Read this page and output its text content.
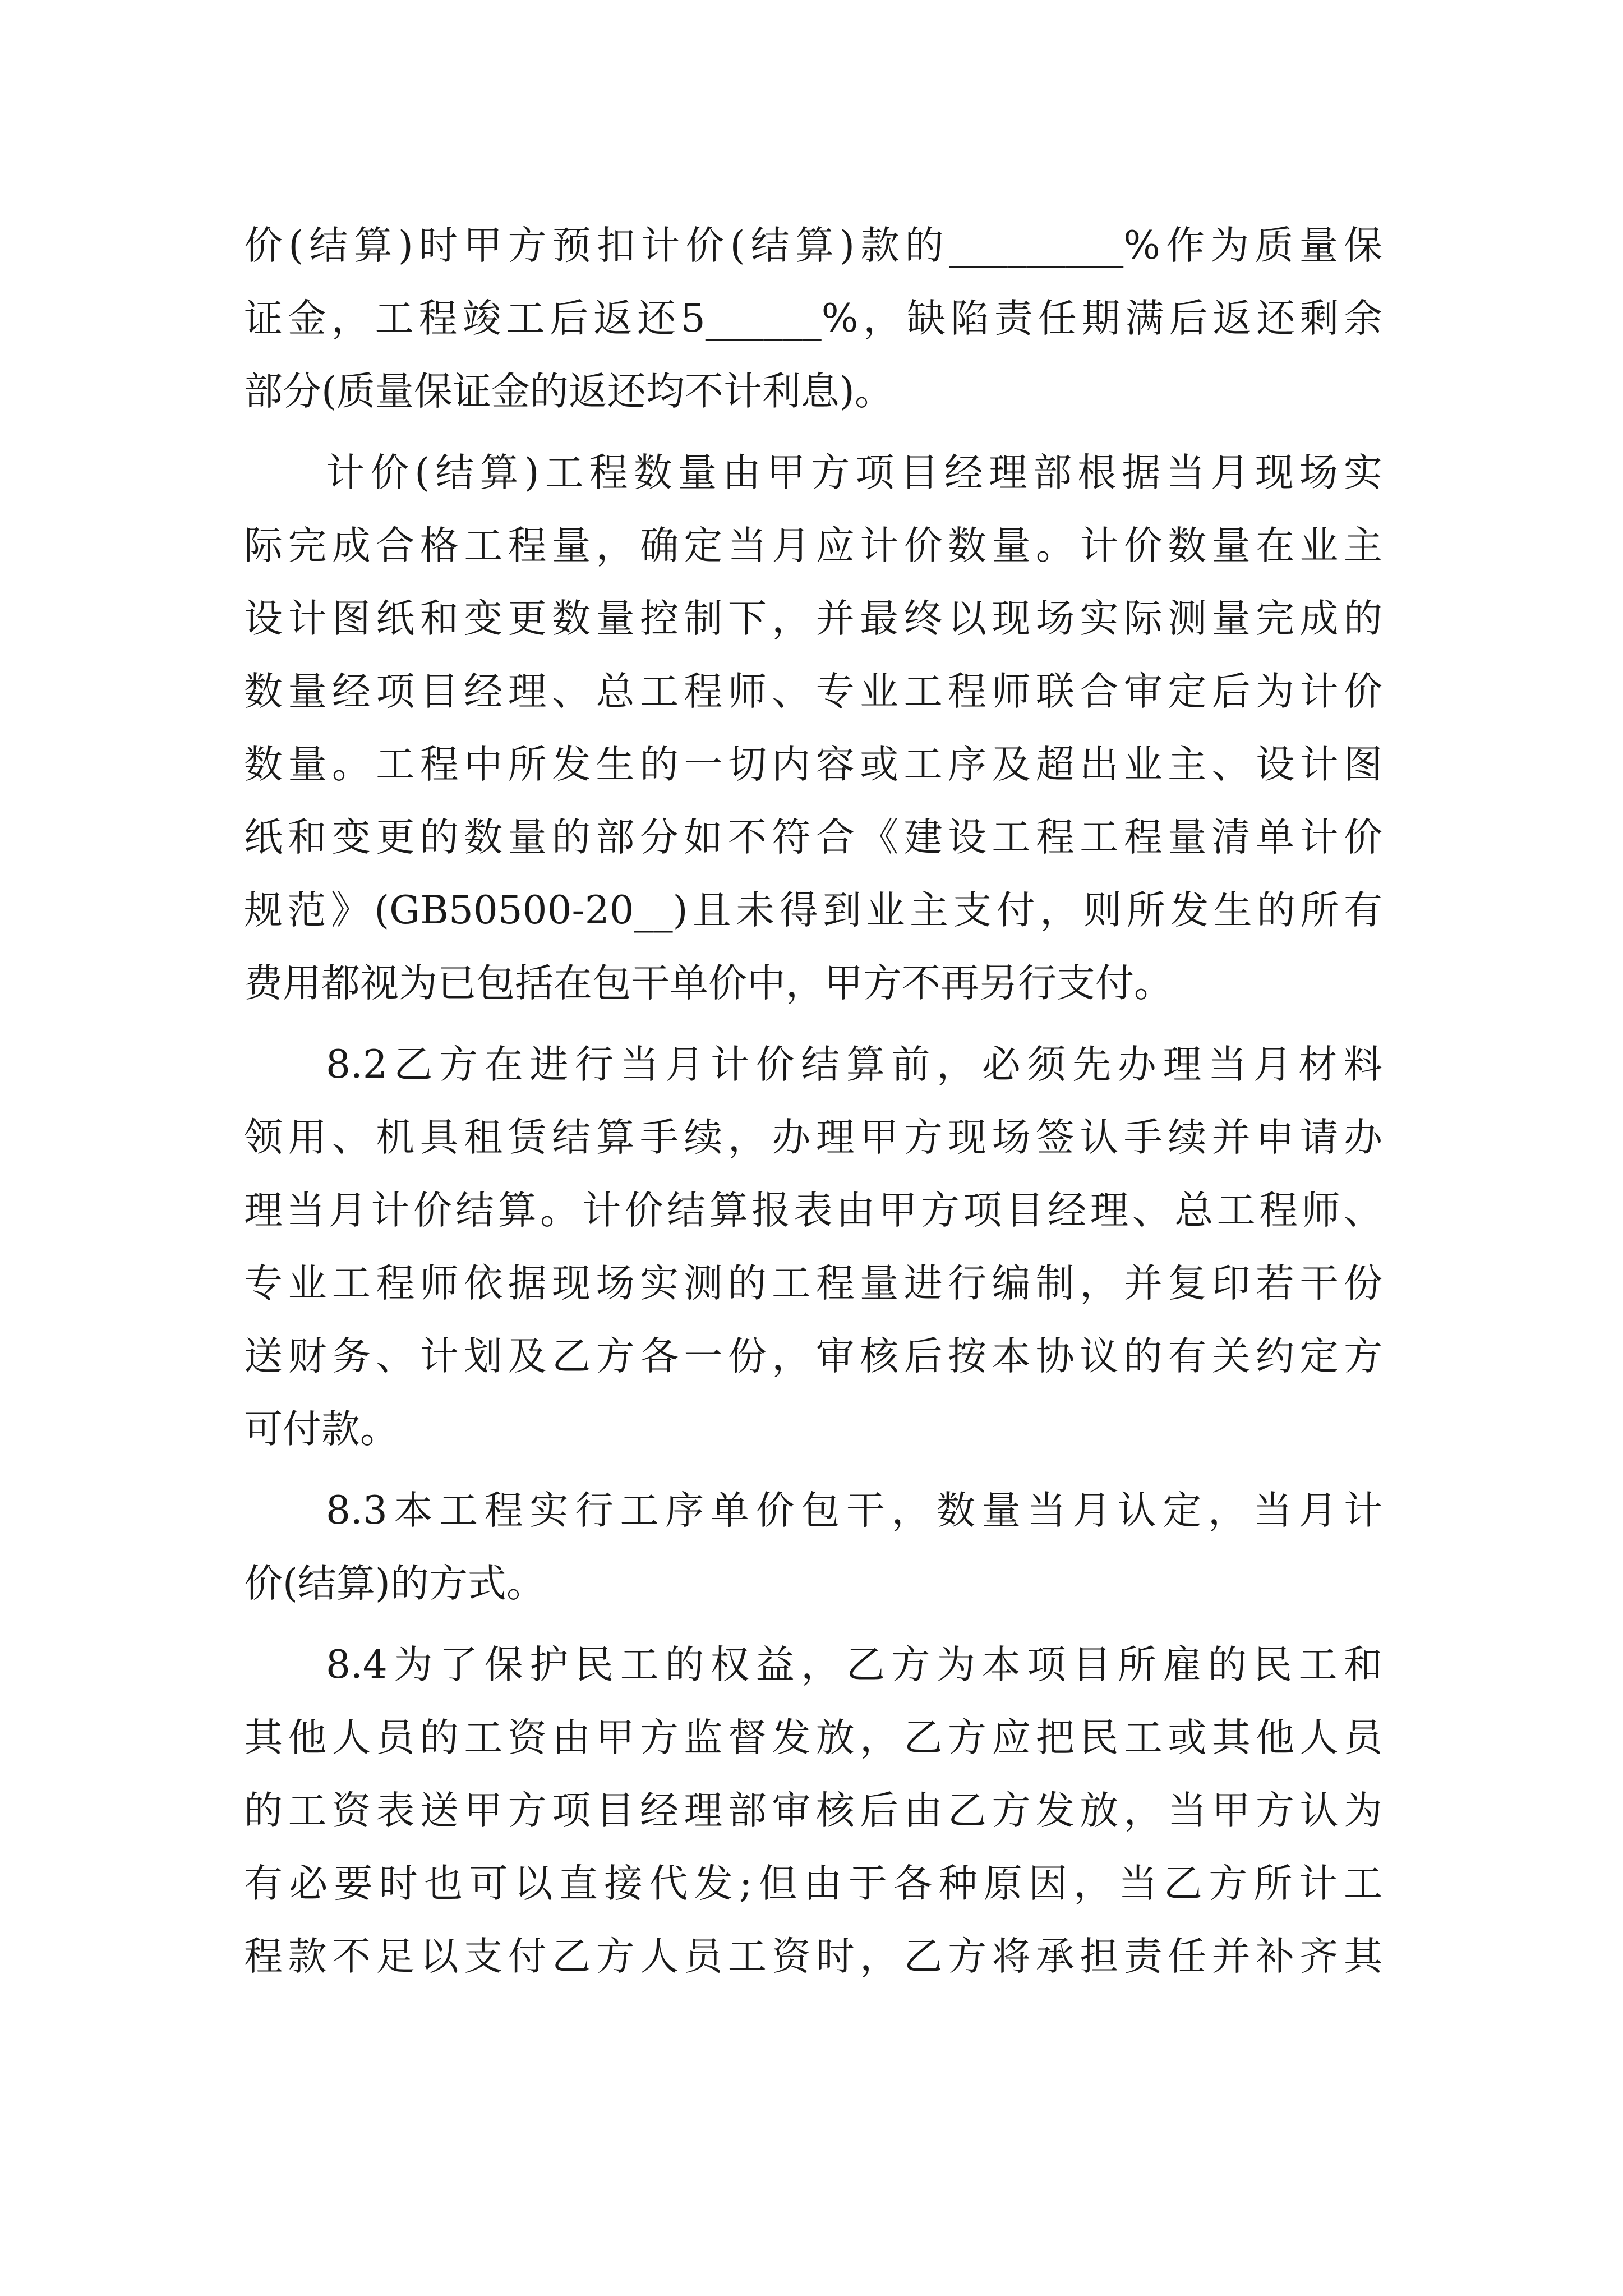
价(结算)时甲方预扣计价(结算)款的_________%作为质量保
证金，工程竣工后返还5______%，缺陷责任期满后返还剩余
部分(质量保证金的返还均不计利息)。
计价(结算)工程数量由甲方项目经理部根据当月现场实
际完成合格工程量，确定当月应计价数量。计价数量在业主
设计图纸和变更数量控制下，并最终以现场实际测量完成的
数量经项目经理、总工程师、专业工程师联合审定后为计价
数量。工程中所发生的一切内容或工序及超出业主、设计图
纸和变更的数量的部分如不符合《建设工程工程量清单计价
规范》(GB50500-20__)且未得到业主支付，则所发生的所有
费用都视为已包括在包干单价中，甲方不再另行支付。
8.2乙方在进行当月计价结算前，必须先办理当月材料
领用、机具租赁结算手续，办理甲方现场签认手续并申请办
理当月计价结算。计价结算报表由甲方项目经理、总工程师、
专业工程师依据现场实测的工程量进行编制，并复印若干份
送财务、计划及乙方各一份，审核后按本协议的有关约定方
可付款。
8.3本工程实行工序单价包干，数量当月认定，当月计
价(结算)的方式。
8.4为了保护民工的权益，乙方为本项目所雇的民工和
其他人员的工资由甲方监督发放，乙方应把民工或其他人员
的工资表送甲方项目经理部审核后由乙方发放，当甲方认为
有必要时也可以直接代发;但由于各种原因，当乙方所计工
程款不足以支付乙方人员工资时，乙方将承担责任并补齐其
